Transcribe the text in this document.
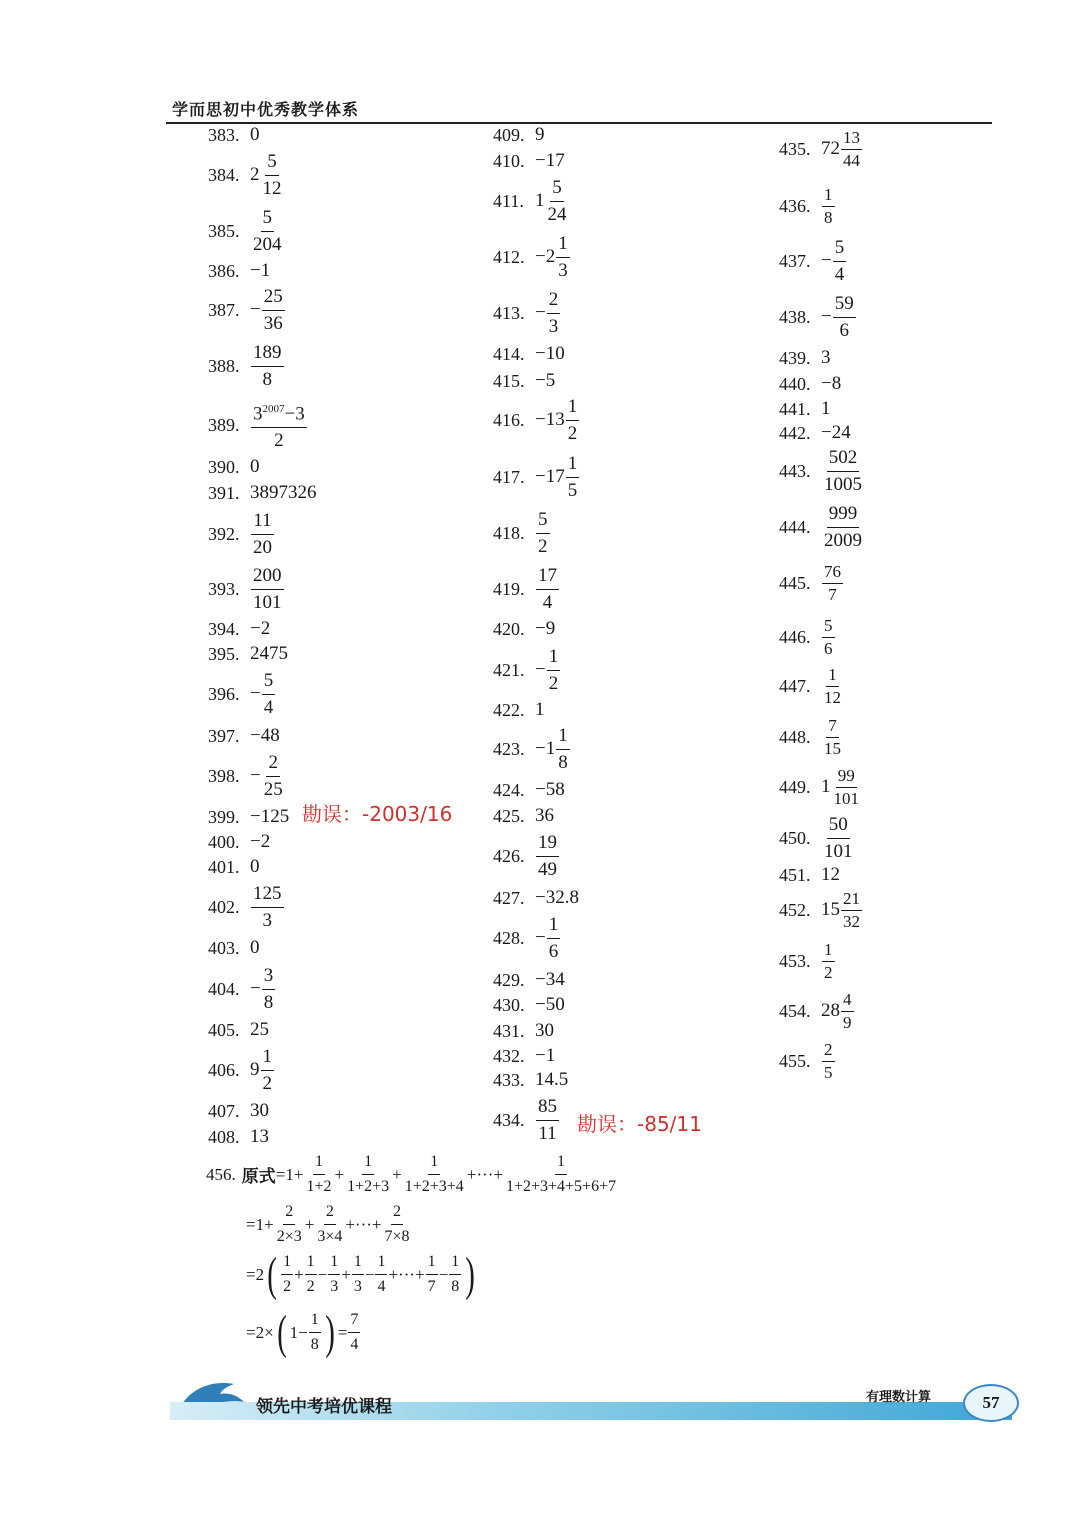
学而思初中优秀教学体系
383. 0
384. $2 \frac{5}{12}$
385. $\frac{5}{204}$
386. −1
387. − $\frac{25}{36}$
388. $\frac{189}{8}$
389. $\frac{3^{2007}-3}{2}$
390. 0
391. 3897326
392. $\frac{11}{20}$
393. $\frac{200}{101}$
394. −2
395. 2475
396. − $\frac{5}{4}$
397. −48
398. − $\frac{2}{25}$
399. −125
400. −2
401. 0
402. $\frac{125}{3}$
403. 0
404. − $\frac{3}{8}$
405. 25
406. $9 \frac{1}{2}$
407. 30
408. 13
409. 9
410. −17
411. $1 \frac{5}{24}$
412. $-2 \frac{1}{3}$
413. − $\frac{2}{3}$
414. −10
415. −5
416. $-13 \frac{1}{2}$
417. $-17 \frac{1}{5}$
418. $\frac{5}{2}$
419. $\frac{17}{4}$
420. −9
421. − $\frac{1}{2}$
422. 1
423. $-1 \frac{1}{8}$
424. −58
425. 36
426. $\frac{19}{49}$
427. −32.8
428. − $\frac{1}{6}$
429. −34
430. −50
431. 30
432. −1
433. 14.5
434. $\frac{85}{11}$
435. $72 \frac{13}{44}$
436. $\frac{1}{8}$
437. − $\frac{5}{4}$
438. − $\frac{59}{6}$
439. 3
440. −8
441. 1
442. −24
443. $\frac{502}{1005}$
444. $\frac{999}{2009}$
445. $\frac{76}{7}$
446. $\frac{5}{6}$
447. $\frac{1}{12}$
448. $\frac{7}{15}$
449. $1 \frac{99}{101}$
450. $\frac{50}{101}$
451. 12
452. $15 \frac{21}{32}$
453. $\frac{1}{2}$
454. $28 \frac{4}{9}$
455. $\frac{2}{5}$
勘误：-2003/16
勘误：-85/11
456. 原式 = $1 + \frac{1}{1+2} + \frac{1}{1+2+3} + \frac{1}{1+2+3+4}$ +···+ $\frac{1}{1+2+3+4+5+6+7}$
= $1 + \frac{2}{2\times 3} + \frac{2}{3\times 4}$ +···+ $\frac{2}{7\times 8}$
= 2 ( $\frac{1}{2} + \frac{1}{2} - \frac{1}{3} + \frac{1}{3} - \frac{1}{4}$ +···+ $\frac{1}{7} - \frac{1}{8}$ )
= 2 × ( $1 - \frac{1}{8}$ ) = $\frac{7}{4}$
领先中考培优课程	有理数计算	57
